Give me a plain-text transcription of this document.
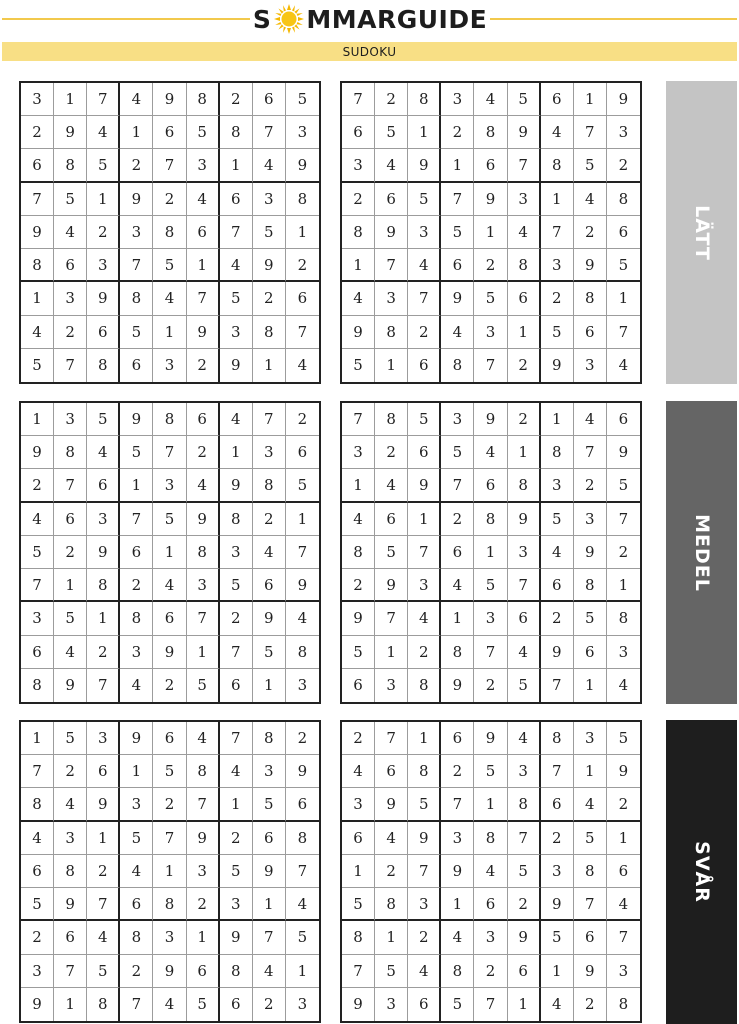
S MMARGUIDE
SUDOKU
3	1	7	4	9	8	2	6	5
2	9	4	1	6	5	8	7	3
6	8	5	2	7	3	1	4	9
7	5	1	9	2	4	6	3	8
9	4	2	3	8	6	7	5	1
8	6	3	7	5	1	4	9	2
1	3	9	8	4	7	5	2	6
4	2	6	5	1	9	3	8	7
5	7	8	6	3	2	9	1	4
7	2	8	3	4	5	6	1	9
6	5	1	2	8	9	4	7	3
3	4	9	1	6	7	8	5	2
2	6	5	7	9	3	1	4	8
8	9	3	5	1	4	7	2	6
1	7	4	6	2	8	3	9	5
4	3	7	9	5	6	2	8	1
9	8	2	4	3	1	5	6	7
5	1	6	8	7	2	9	3	4
LÄTT
1	3	5	9	8	6	4	7	2
9	8	4	5	7	2	1	3	6
2	7	6	1	3	4	9	8	5
4	6	3	7	5	9	8	2	1
5	2	9	6	1	8	3	4	7
7	1	8	2	4	3	5	6	9
3	5	1	8	6	7	2	9	4
6	4	2	3	9	1	7	5	8
8	9	7	4	2	5	6	1	3
7	8	5	3	9	2	1	4	6
3	2	6	5	4	1	8	7	9
1	4	9	7	6	8	3	2	5
4	6	1	2	8	9	5	3	7
8	5	7	6	1	3	4	9	2
2	9	3	4	5	7	6	8	1
9	7	4	1	3	6	2	5	8
5	1	2	8	7	4	9	6	3
6	3	8	9	2	5	7	1	4
MEDEL
1	5	3	9	6	4	7	8	2
7	2	6	1	5	8	4	3	9
8	4	9	3	2	7	1	5	6
4	3	1	5	7	9	2	6	8
6	8	2	4	1	3	5	9	7
5	9	7	6	8	2	3	1	4
2	6	4	8	3	1	9	7	5
3	7	5	2	9	6	8	4	1
9	1	8	7	4	5	6	2	3
2	7	1	6	9	4	8	3	5
4	6	8	2	5	3	7	1	9
3	9	5	7	1	8	6	4	2
6	4	9	3	8	7	2	5	1
1	2	7	9	4	5	3	8	6
5	8	3	1	6	2	9	7	4
8	1	2	4	3	9	5	6	7
7	5	4	8	2	6	1	9	3
9	3	6	5	7	1	4	2	8
SVÅR
